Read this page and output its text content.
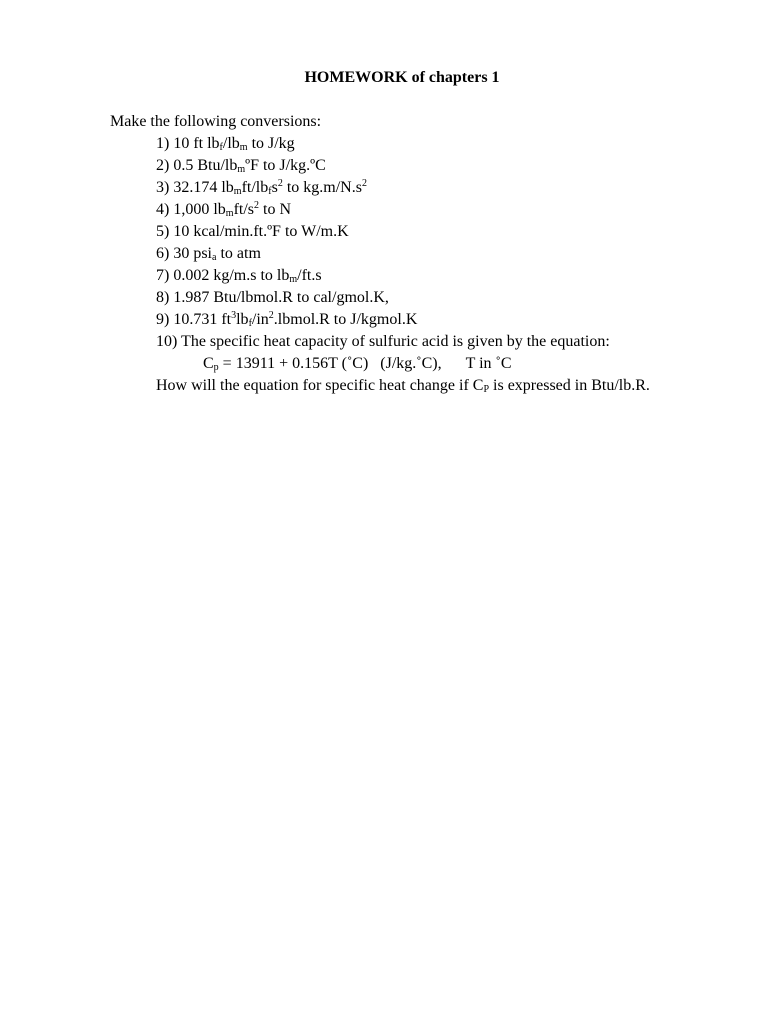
HOMEWORK of chapters 1
Make the following conversions:
1) 10 ft $lb_f/lb_m$ to J/kg
2) 0.5 Btu/$lb_mºF$ to J/kg.ºC
3) 32.174 $lb_mft/lb_fs^2$ to $kg.m/N.s^2$
4) 1,000 $lb_mft/s^2$ to N
5) 10 kcal/min.ft.ºF to W/m.K
6) 30 psi$_a$ to atm
7) 0.002 kg/m.s to $lb_m/ft.s$
8) 1.987 Btu/lbmol.R to cal/gmol.K,
9) 10.731 $ft^3lb_f/in^2.lbmol.R$ to J/kgmol.K
10) The specific heat capacity of sulfuric acid is given by the equation:
$C_p = 13911 + 0.156T$ (˚C) (J/kg.˚C), T in ˚C
How will the equation for specific heat change if $C_P$ is expressed in Btu/lb.R.
